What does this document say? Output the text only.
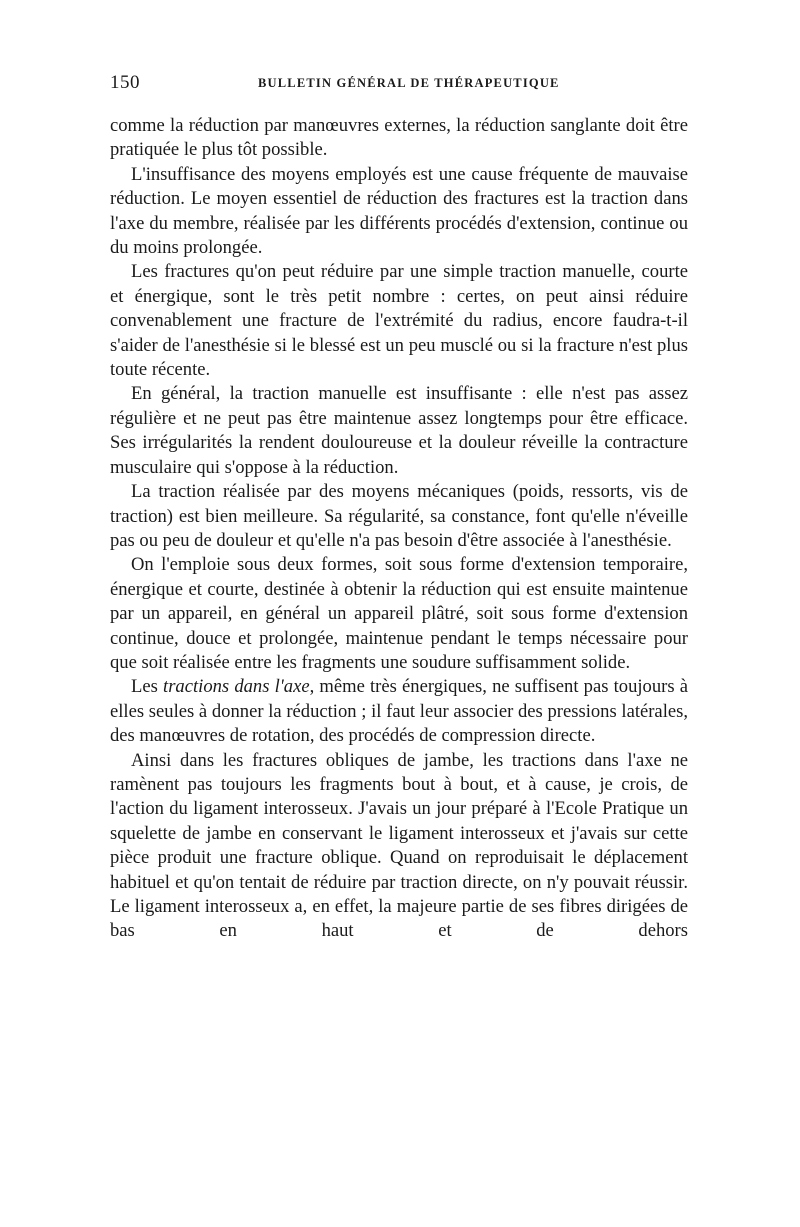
150	BULLETIN GÉNÉRAL DE THÉRAPEUTIQUE

comme la réduction par manœuvres externes, la réduction sanglante doit être pratiquée le plus tôt possible.

L'insuffisance des moyens employés est une cause fréquente de mauvaise réduction. Le moyen essentiel de réduction des fractures est la traction dans l'axe du membre, réalisée par les différents procédés d'extension, continue ou du moins prolongée.

Les fractures qu'on peut réduire par une simple traction manuelle, courte et énergique, sont le très petit nombre : certes, on peut ainsi réduire convenablement une fracture de l'extrémité du radius, encore faudra-t-il s'aider de l'anesthésie si le blessé est un peu musclé ou si la fracture n'est plus toute récente.

En général, la traction manuelle est insuffisante : elle n'est pas assez régulière et ne peut pas être maintenue assez longtemps pour être efficace. Ses irrégularités la rendent douloureuse et la douleur réveille la contracture musculaire qui s'oppose à la réduction.

La traction réalisée par des moyens mécaniques (poids, ressorts, vis de traction) est bien meilleure. Sa régularité, sa constance, font qu'elle n'éveille pas ou peu de douleur et qu'elle n'a pas besoin d'être associée à l'anesthésie.

On l'emploie sous deux formes, soit sous forme d'extension temporaire, énergique et courte, destinée à obtenir la réduction qui est ensuite maintenue par un appareil, en général un appareil plâtré, soit sous forme d'extension continue, douce et prolongée, maintenue pendant le temps nécessaire pour que soit réalisée entre les fragments une soudure suffisamment solide.

Les tractions dans l'axe, même très énergiques, ne suffisent pas toujours à elles seules à donner la réduction ; il faut leur associer des pressions latérales, des manœuvres de rotation, des procédés de compression directe.

Ainsi dans les fractures obliques de jambe, les tractions dans l'axe ne ramènent pas toujours les fragments bout à bout, et à cause, je crois, de l'action du ligament interosseux. J'avais un jour préparé à l'Ecole Pratique un squelette de jambe en conservant le ligament interosseux et j'avais sur cette pièce produit une fracture oblique. Quand on reproduisait le déplacement habituel et qu'on tentait de réduire par traction directe, on n'y pouvait réussir. Le ligament interosseux a, en effet, la majeure partie de ses fibres dirigées de bas en haut et de dehors
